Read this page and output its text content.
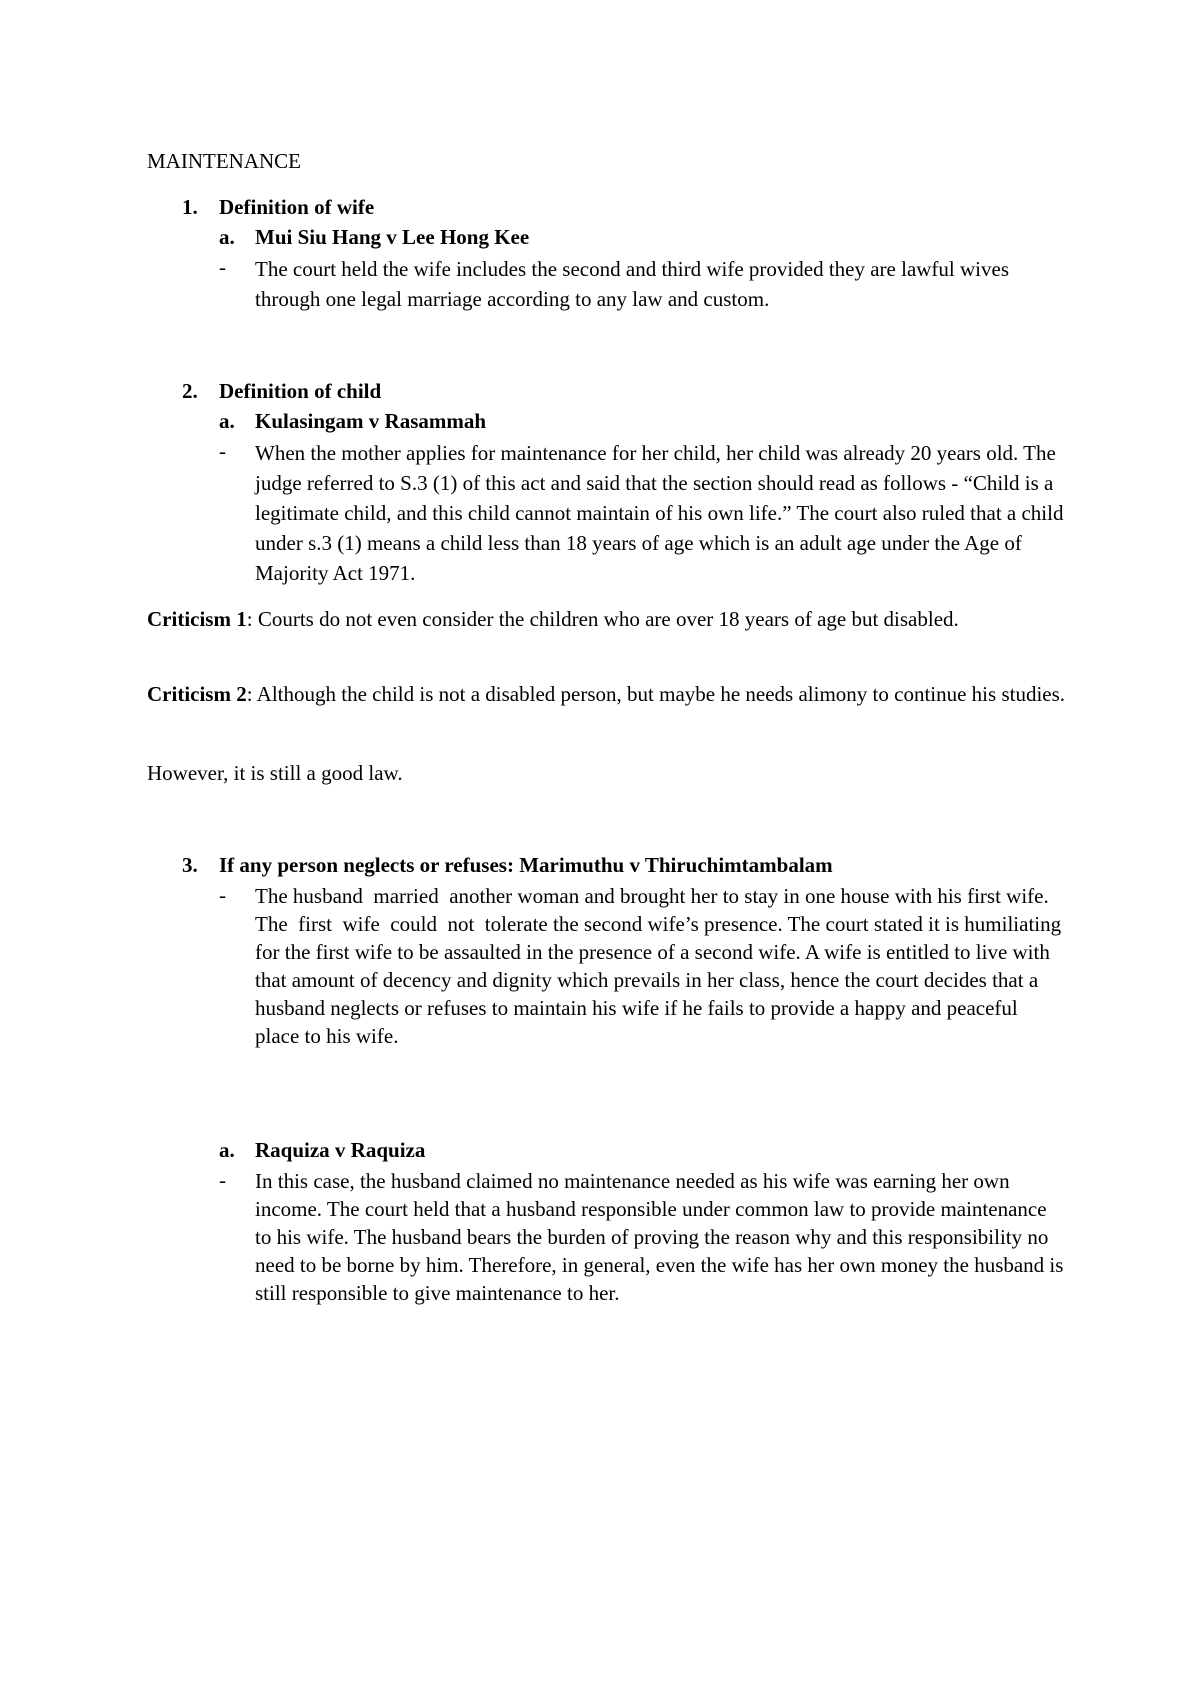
MAINTENANCE
1. Definition of wife
a. Mui Siu Hang v Lee Hong Kee
- The court held the wife includes the second and third wife provided they are lawful wives through one legal marriage according to any law and custom.
2. Definition of child
a. Kulasingam v Rasammah
- When the mother applies for maintenance for her child, her child was already 20 years old. The judge referred to S.3 (1) of this act and said that the section should read as follows - “Child is a legitimate child, and this child cannot maintain of his own life.” The court also ruled that a child under s.3 (1) means a child less than 18 years of age which is an adult age under the Age of Majority Act 1971.
Criticism 1: Courts do not even consider the children who are over 18 years of age but disabled.
Criticism 2: Although the child is not a disabled person, but maybe he needs alimony to continue his studies.
However, it is still a good law.
3. If any person neglects or refuses: Marimuthu v Thiruchimtambalam
- The husband  married  another woman and brought her to stay in one house with his first wife. The  first  wife  could  not  tolerate the second wife’s presence. The court stated it is humiliating for the first wife to be assaulted in the presence of a second wife. A wife is entitled to live with that amount of decency and dignity which prevails in her class, hence the court decides that a husband neglects or refuses to maintain his wife if he fails to provide a happy and peaceful place to his wife.
a. Raquiza v Raquiza
- In this case, the husband claimed no maintenance needed as his wife was earning her own income. The court held that a husband responsible under common law to provide maintenance to his wife. The husband bears the burden of proving the reason why and this responsibility no need to be borne by him. Therefore, in general, even the wife has her own money the husband is still responsible to give maintenance to her.
